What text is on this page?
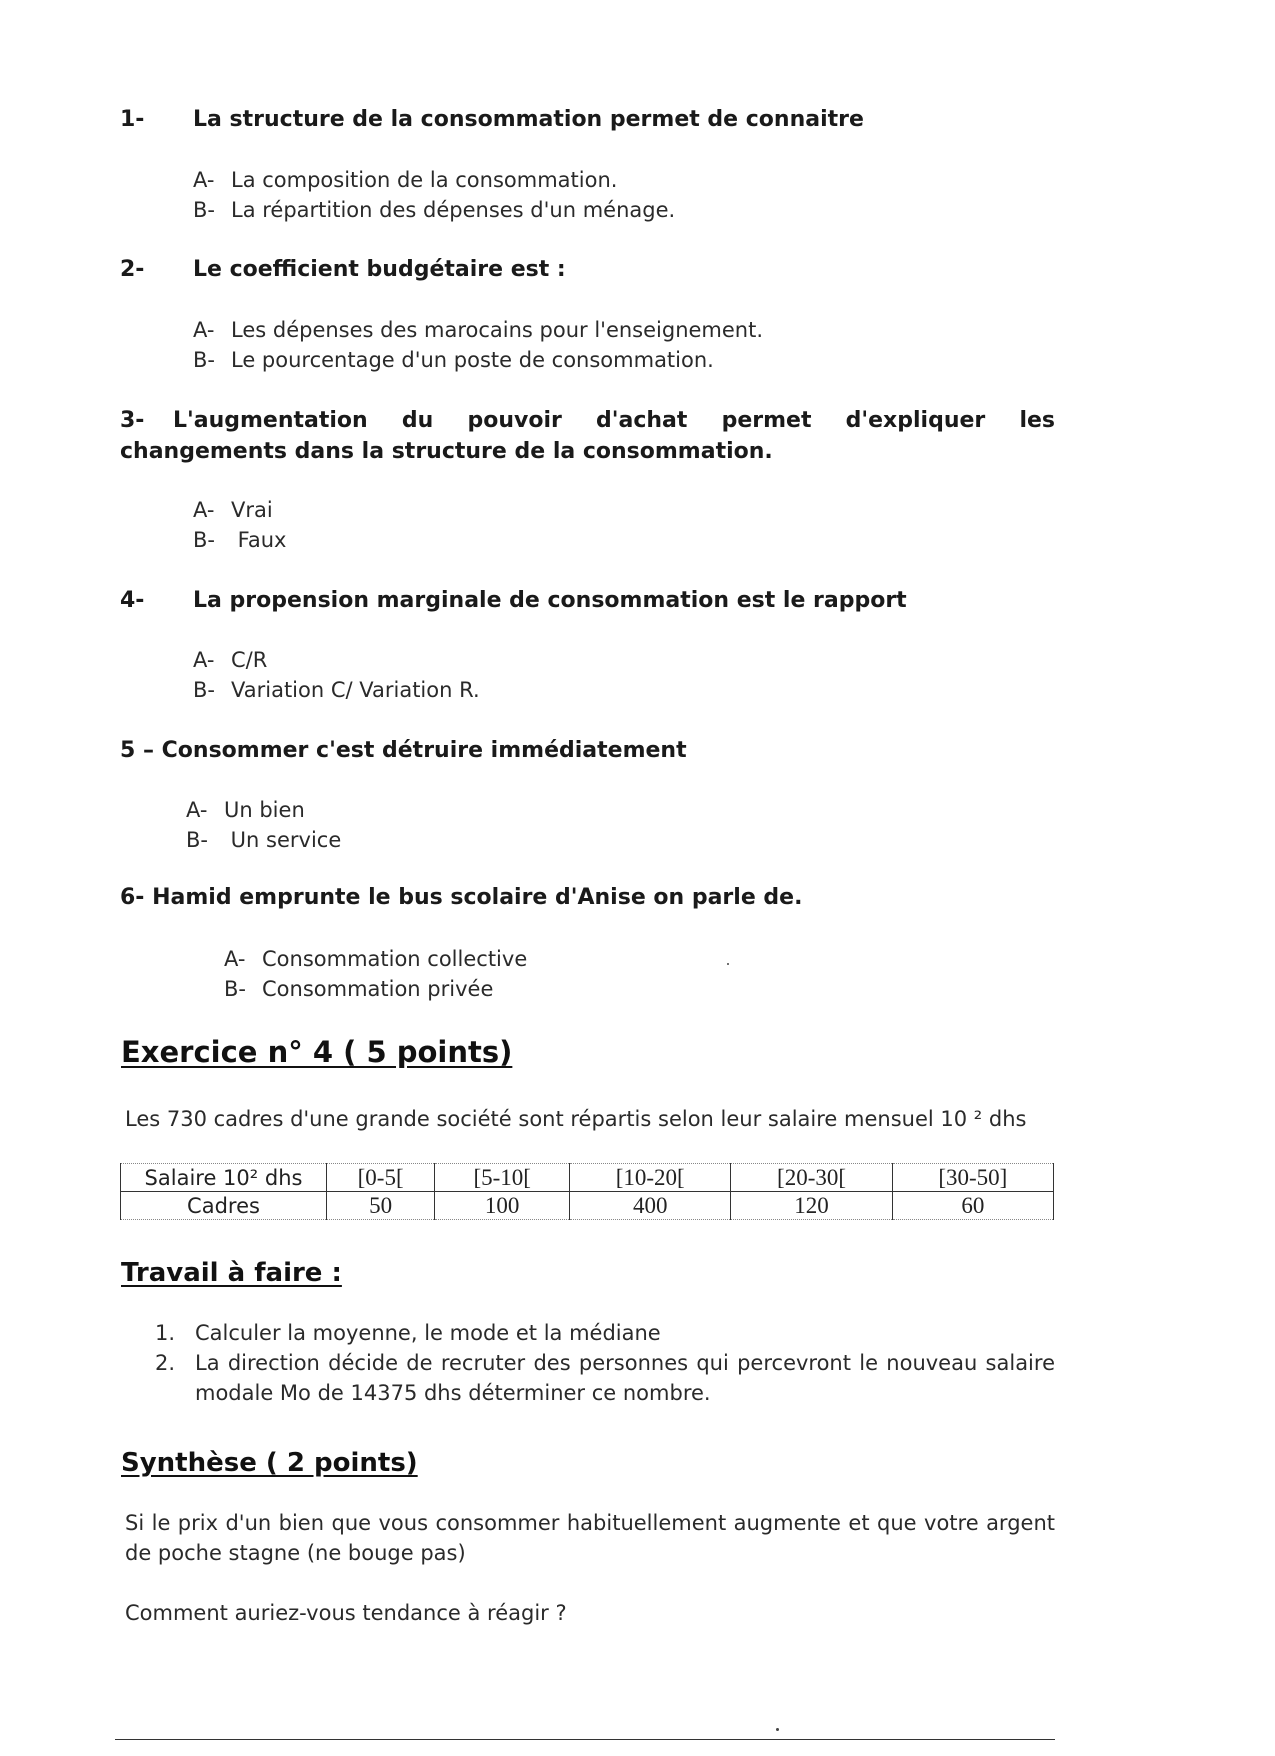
1- La structure de la consommation permet de connaitre
A- La composition de la consommation.
B- La répartition des dépenses d'un ménage.
2- Le coefficient budgétaire est :
A- Les dépenses des marocains pour l'enseignement.
B- Le pourcentage d'un poste de consommation.
3- L'augmentation du pouvoir d'achat permet d'expliquer les changements dans la structure de la consommation.
A- Vrai
B- Faux
4- La propension marginale de consommation est le rapport
A- C/R
B- Variation C/ Variation R.
5 – Consommer c'est détruire immédiatement
A- Un bien
B- Un service
6- Hamid emprunte le bus scolaire d'Anise on parle de.
A- Consommation collective
B- Consommation privée
Exercice n° 4 ( 5 points)
Les 730 cadres d'une grande société sont répartis selon leur salaire mensuel 10 ² dhs
Salaire 10² dhs	[0-5[	[5-10[	[10-20[	[20-30[	[30-50]
Cadres	50	100	400	120	60
Travail à faire :
1. Calculer la moyenne, le mode et la médiane
2. La direction décide de recruter des personnes qui percevront le nouveau salaire modale Mo de 14375 dhs déterminer ce nombre.
Synthèse ( 2 points)
Si le prix d'un bien que vous consommer habituellement augmente et que votre argent de poche stagne (ne bouge pas)
Comment auriez-vous tendance à réagir ?
